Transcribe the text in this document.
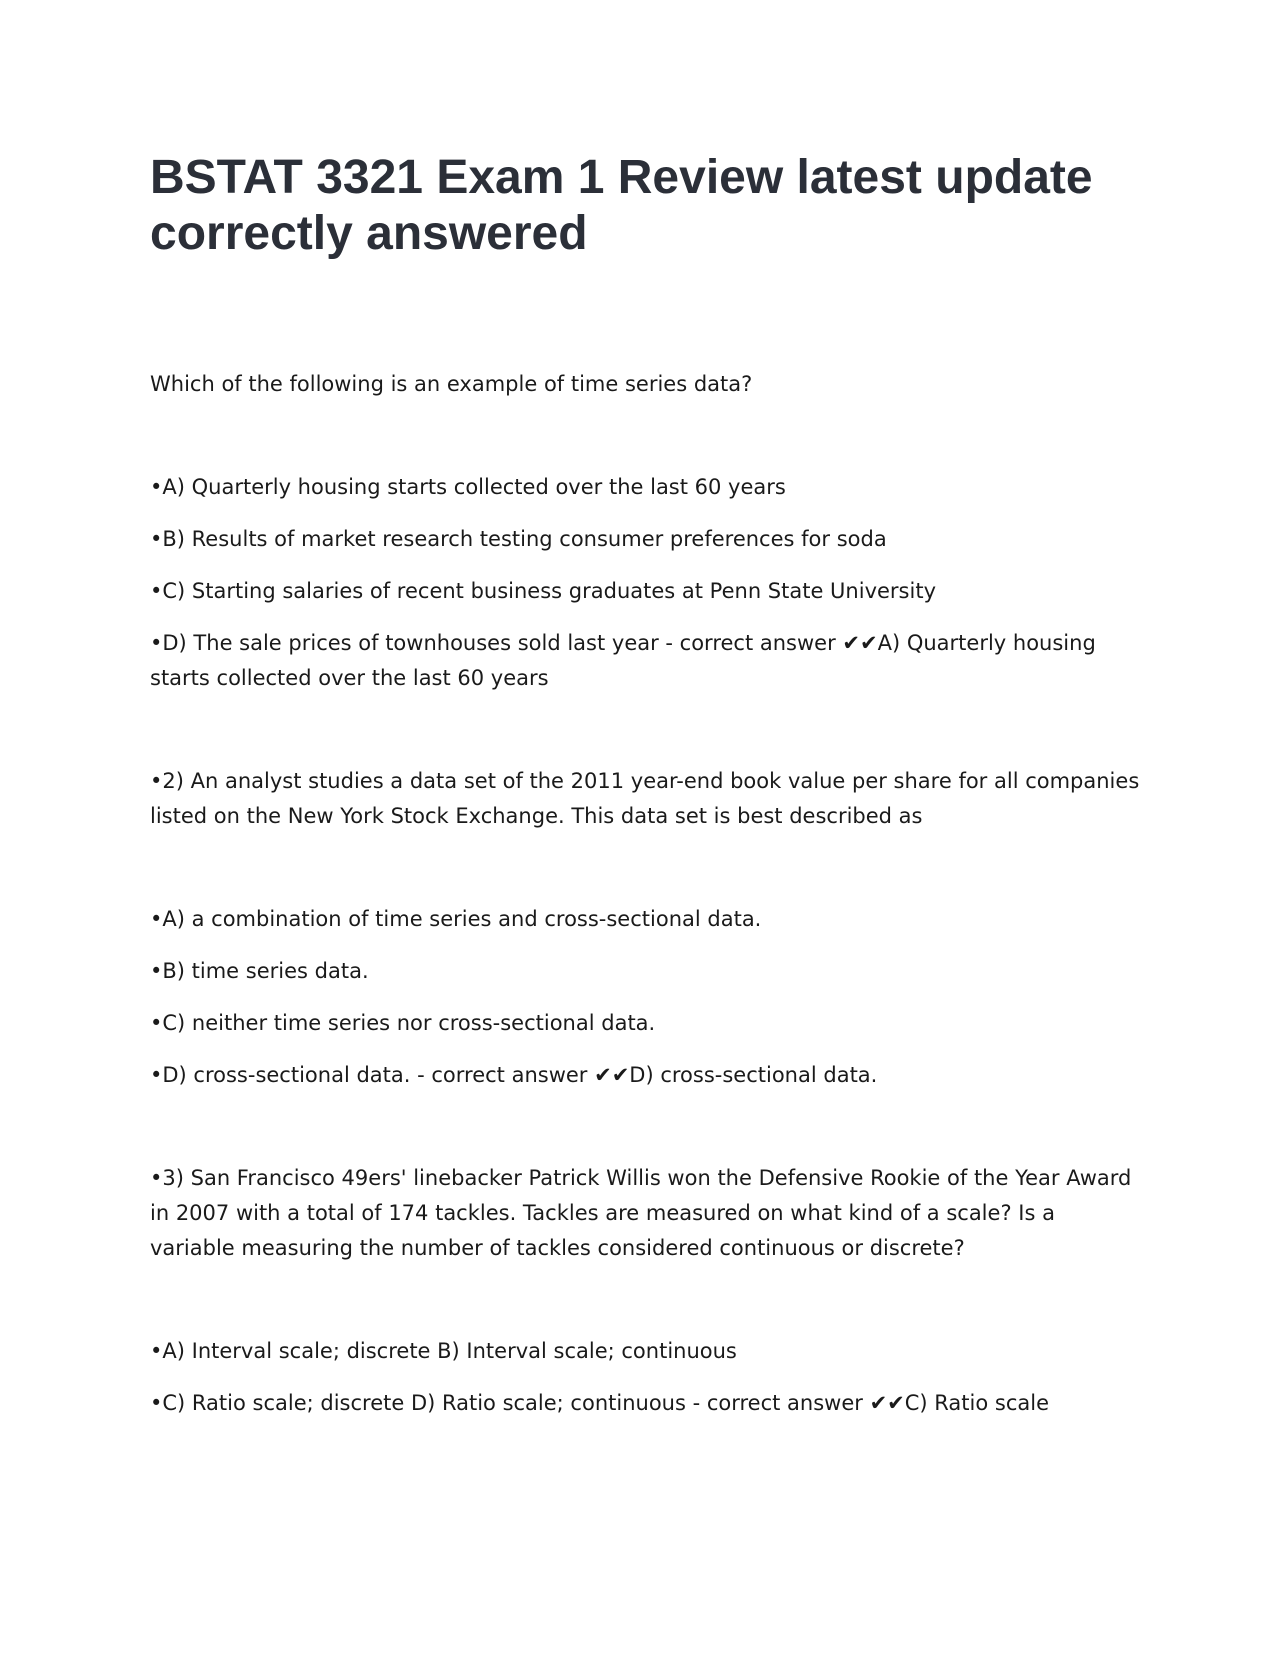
BSTAT 3321 Exam 1 Review latest update correctly answered

Which of the following is an example of time series data?

•A) Quarterly housing starts collected over the last 60 years

•B) Results of market research testing consumer preferences for soda

•C) Starting salaries of recent business graduates at Penn State University

•D) The sale prices of townhouses sold last year - correct answer ✔✔A) Quarterly housing starts collected over the last 60 years

•2) An analyst studies a data set of the 2011 year-end book value per share for all companies listed on the New York Stock Exchange. This data set is best described as

•A) a combination of time series and cross-sectional data.

•B) time series data.

•C) neither time series nor cross-sectional data.

•D) cross-sectional data. - correct answer ✔✔D) cross-sectional data.

•3) San Francisco 49ers' linebacker Patrick Willis won the Defensive Rookie of the Year Award in 2007 with a total of 174 tackles. Tackles are measured on what kind of a scale? Is a variable measuring the number of tackles considered continuous or discrete?

•A) Interval scale; discrete B) Interval scale; continuous

•C) Ratio scale; discrete D) Ratio scale; continuous - correct answer ✔✔C) Ratio scale
